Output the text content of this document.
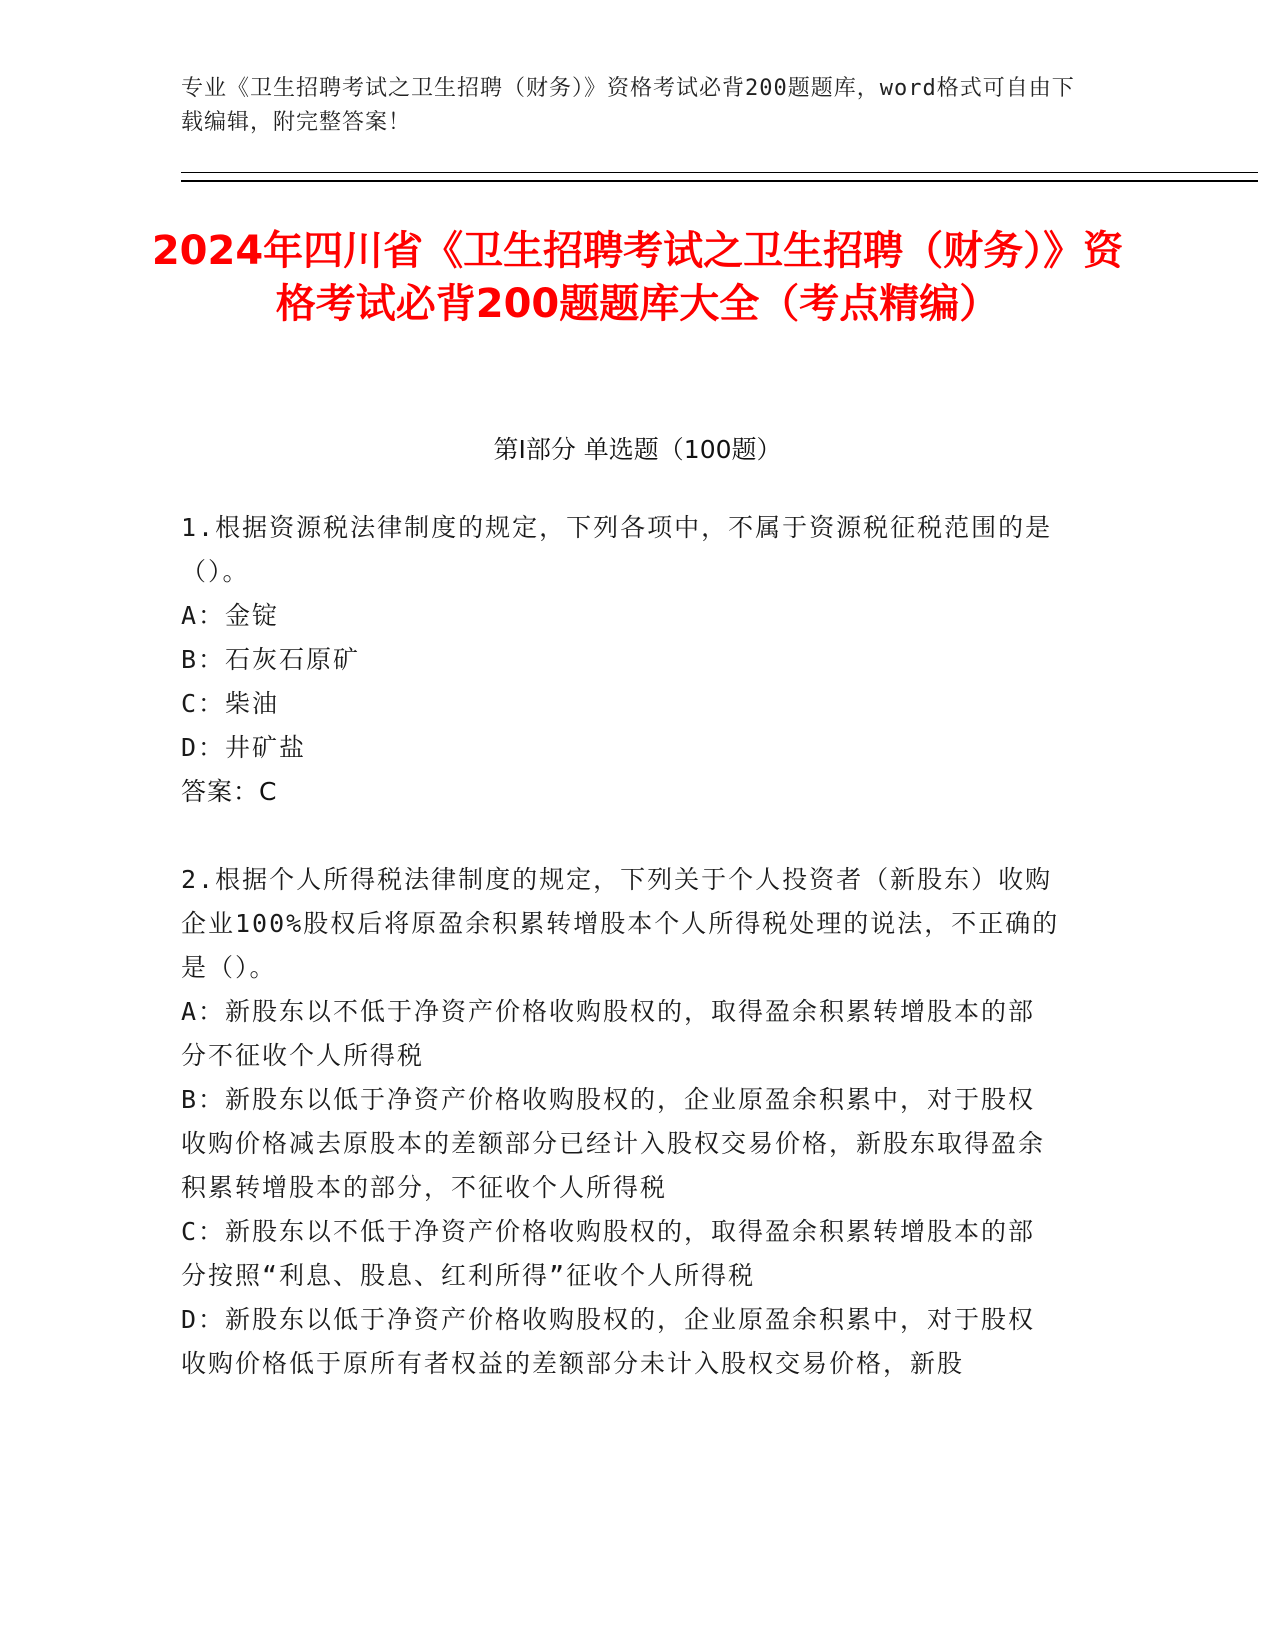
专业《卫生招聘考试之卫生招聘（财务）》资格考试必背200题题库，word格式可自由下载编辑，附完整答案！
2024年四川省《卫生招聘考试之卫生招聘（财务）》资格考试必背200题题库大全（考点精编）
第Ⅰ部分 单选题（100题）

1.根据资源税法律制度的规定，下列各项中，不属于资源税征税范围的是（）。

A：金锭

B：石灰石原矿

C：柴油

D：井矿盐

答案：C

2.根据个人所得税法律制度的规定，下列关于个人投资者（新股东）收购企业100%股权后将原盈余积累转增股本个人所得税处理的说法，不正确的是（）。

A：新股东以不低于净资产价格收购股权的，取得盈余积累转增股本的部分不征收个人所得税

B：新股东以低于净资产价格收购股权的，企业原盈余积累中，对于股权收购价格减去原股本的差额部分已经计入股权交易价格，新股东取得盈余积累转增股本的部分，不征收个人所得税

C：新股东以不低于净资产价格收购股权的，取得盈余积累转增股本的部分按照“利息、股息、红利所得”征收个人所得税

D：新股东以低于净资产价格收购股权的，企业原盈余积累中，对于股权收购价格低于原所有者权益的差额部分未计入股权交易价格，新股
